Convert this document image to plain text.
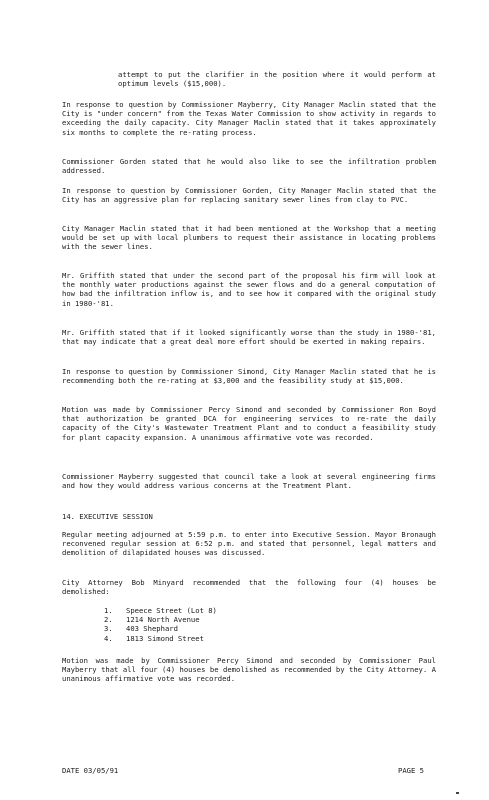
attempt to put the clarifier in the position where it would perform at optimum levels ($15,000).

In response to question by Commissioner Mayberry, City Manager Maclin stated that the City is "under concern" from the Texas Water Commission to show activity in regards to exceeding the daily capacity. City Manager Maclin stated that it takes approximately six months to complete the re-rating process.

Commissioner Gorden stated that he would also like to see the infiltration problem addressed.

In response to question by Commissioner Gorden, City Manager Maclin stated that the City has an aggressive plan for replacing sanitary sewer lines from clay to PVC.

City Manager Maclin stated that it had been mentioned at the Workshop that a meeting would be set up with local plumbers to request their assistance in locating problems with the sewer lines.

Mr. Griffith stated that under the second part of the proposal his firm will look at the monthly water productions against the sewer flows and do a general computation of how bad the infiltration inflow is, and to see how it compared with the original study in 1980-'81.

Mr. Griffith stated that if it looked significantly worse than the study in 1980-'81, that may indicate that a great deal more effort should be exerted in making repairs.

In response to question by Commissioner Simond, City Manager Maclin stated that he is recommending both the re-rating at $3,000 and the feasibility study at $15,000.

Motion was made by Commissioner Percy Simond and seconded by Commissioner Ron Boyd that authorization be granted DCA for engineering services to re-rate the daily capacity of the City's Wastewater Treatment Plant and to conduct a feasibility study for plant capacity expansion. A unanimous affirmative vote was recorded.

Commissioner Mayberry suggested that council take a look at several engineering firms and how they would address various concerns at the Treatment Plant.

14. EXECUTIVE SESSION

Regular meeting adjourned at 5:59 p.m. to enter into Executive Session. Mayor Bronaugh reconvened regular session at 6:52 p.m. and stated that personnel, legal matters and demolition of dilapidated houses was discussed.

City Attorney Bob Minyard recommended that the following four (4) houses be demolished:

1. Speece Street (Lot 8)
2. 1214 North Avenue
3. 403 Shephard
4. 1813 Simond Street

Motion was made by Commissioner Percy Simond and seconded by Commissioner Paul Mayberry that all four (4) houses be demolished as recommended by the City Attorney. A unanimous affirmative vote was recorded.

DATE 03/05/91	PAGE 5
